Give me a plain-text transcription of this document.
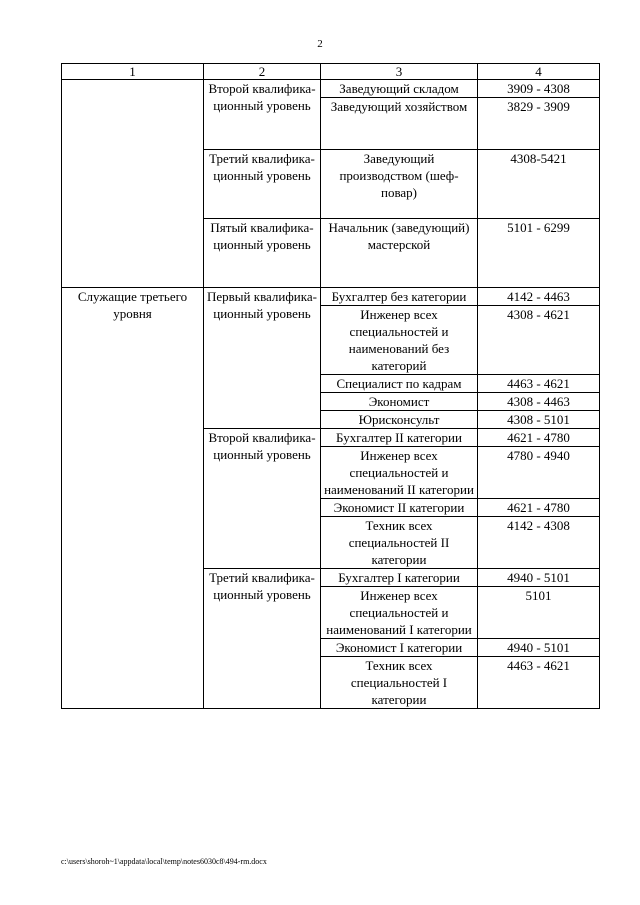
2
1	2	3	4
	Второй квалифика-ционный уровень	Заведующий складом	3909 - 4308
		Заведующий хозяйством	3829 - 3909
	Третий квалифика-ционный уровень	Заведующий производством (шеф-повар)	4308-5421
	Пятый квалифика-ционный уровень	Начальник (заведующий) мастерской	5101 - 6299
Служащие третьего уровня	Первый квалифика-ционный уровень	Бухгалтер без категории	4142 - 4463
		Инженер всех специальностей и наименований без категорий	4308 - 4621
		Специалист по кадрам	4463 - 4621
		Экономист	4308 - 4463
		Юрисконсульт	4308 - 5101
	Второй квалифика-ционный уровень	Бухгалтер II категории	4621 - 4780
		Инженер всех специальностей и наименований II категории	4780 - 4940
		Экономист II категории	4621 - 4780
		Техник всех специальностей II категории	4142 - 4308
	Третий квалифика-ционный уровень	Бухгалтер I категории	4940 - 5101
		Инженер всех специальностей и наименований I категории	5101
		Экономист I категории	4940 - 5101
		Техник всех специальностей I категории	4463 - 4621
c:\users\shoroh~1\appdata\local\temp\notes6030c8\494-rm.docx
